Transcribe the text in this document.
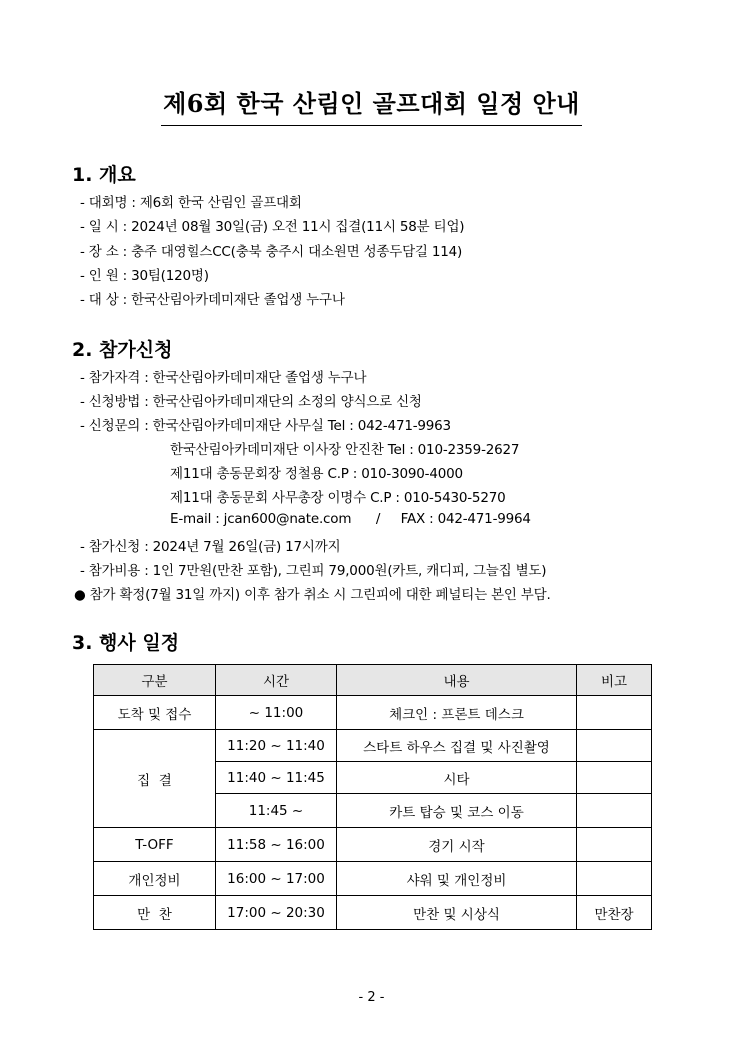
제6회 한국 산림인 골프대회 일정 안내
1. 개요
- 대회명 : 제6회 한국 산림인 골프대회
- 일 시 : 2024년 08월 30일(금) 오전 11시 집결(11시 58분 티업)
- 장 소 : 충주 대영힐스CC(충북 충주시 대소원면 성종두담길 114)
- 인 원 : 30팀(120명)
- 대 상 : 한국산림아카데미재단 졸업생 누구나
2. 참가신청
- 참가자격 : 한국산림아카데미재단 졸업생 누구나
- 신청방법 : 한국산림아카데미재단의 소정의 양식으로 신청
- 신청문의 : 한국산림아카데미재단 사무실 Tel : 042-471-9963
한국산림아카데미재단 이사장 안진찬 Tel : 010-2359-2627
제11대 총동문회장 정철용 C.P : 010-3090-4000
제11대 총동문회 사무총장 이명수 C.P : 010-5430-5270
E-mail : jcan600@nate.com      /     FAX : 042-471-9964
- 참가신청 : 2024년 7월 26일(금) 17시까지
- 참가비용 : 1인 7만원(만찬 포함), 그린피 79,000원(카트, 캐디피, 그늘집 별도)
● 참가 확정(7월 31일 까지) 이후 참가 취소 시 그린피에 대한 페널티는 본인 부담.
3. 행사 일정
구분	시간	내용	비고
도착 및 접수	~ 11:00	체크인 : 프론트 데스크	
집  결	11:20 ~ 11:40	스타트 하우스 집결 및 사진촬영	
	11:40 ~ 11:45	시타	
	11:45 ~	카트 탑승 및 코스 이동	
T-OFF	11:58 ~ 16:00	경기 시작	
개인정비	16:00 ~ 17:00	샤워 및 개인정비	
만  찬	17:00 ~ 20:30	만찬 및 시상식	만찬장
- 2 -
